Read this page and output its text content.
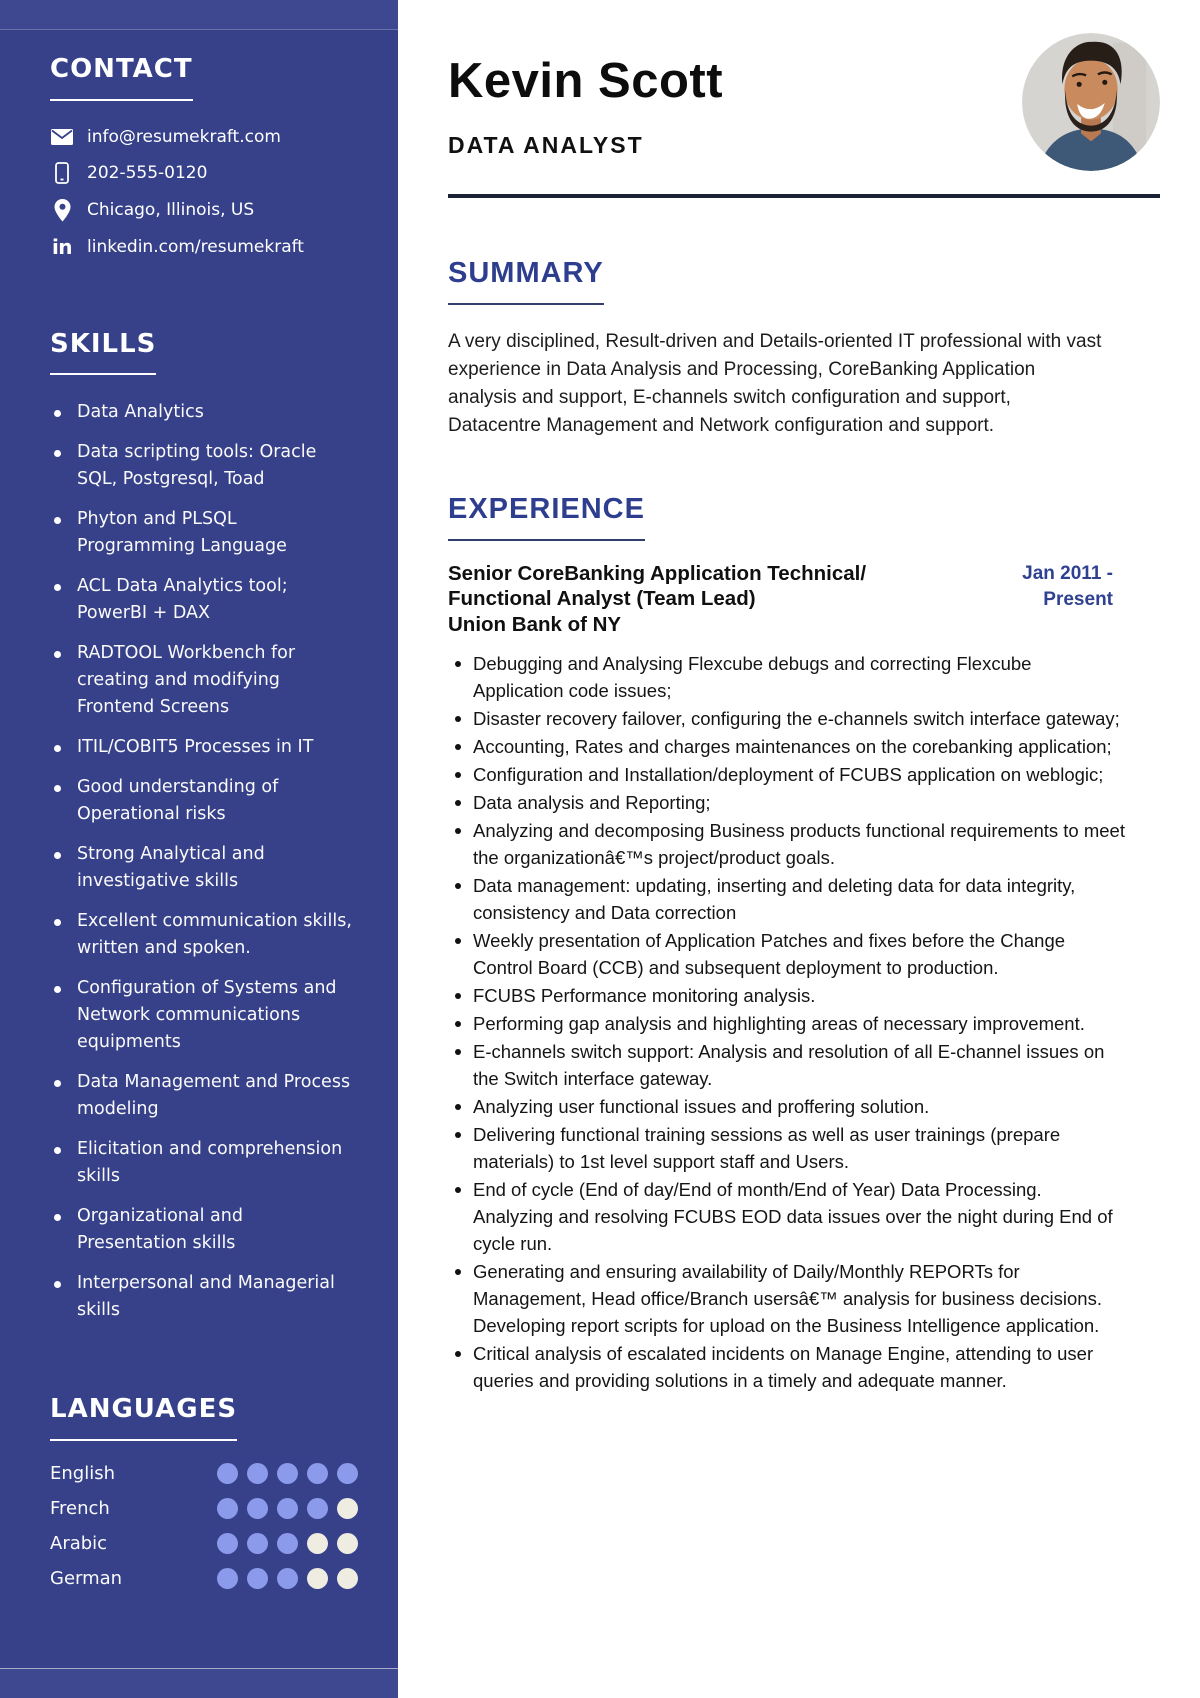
CONTACT
info@resumekraft.com
202-555-0120
Chicago, Illinois, US
in linkedin.com/resumekraft
SKILLS
Data Analytics
Data scripting tools: Oracle SQL, Postgresql, Toad
Phyton and PLSQL Programming Language
ACL Data Analytics tool; PowerBI + DAX
RADTOOL Workbench for creating and modifying Frontend Screens
ITIL/COBIT5 Processes in IT
Good understanding of Operational risks
Strong Analytical and investigative skills
Excellent communication skills, written and spoken.
Configuration of Systems and Network communications equipments
Data Management and Process modeling
Elicitation and comprehension skills
Organizational and Presentation skills
Interpersonal and Managerial skills
LANGUAGES
English
French
Arabic
German
Kevin Scott
DATA ANALYST
SUMMARY

A very disciplined, Result-driven and Details-oriented IT professional with vast experience in Data Analysis and Processing, CoreBanking Application analysis and support, E-channels switch configuration and support, Datacentre Management and Network configuration and support.

EXPERIENCE
Senior CoreBanking Application Technical/ Functional Analyst (Team Lead)
Union Bank of NY
Jan 2011 - Present
Debugging and Analysing Flexcube debugs and correcting Flexcube Application code issues;
Disaster recovery failover, configuring the e-channels switch interface gateway;
Accounting, Rates and charges maintenances on the corebanking application;
Configuration and Installation/deployment of FCUBS application on weblogic;
Data analysis and Reporting;
Analyzing and decomposing Business products functional requirements to meet the organizationâ€™s project/product goals.
Data management: updating, inserting and deleting data for data integrity, consistency and Data correction
Weekly presentation of Application Patches and fixes before the Change Control Board (CCB) and subsequent deployment to production.
FCUBS Performance monitoring analysis.
Performing gap analysis and highlighting areas of necessary improvement.
E-channels switch support: Analysis and resolution of all E-channel issues on the Switch interface gateway.
Analyzing user functional issues and proffering solution.
Delivering functional training sessions as well as user trainings (prepare materials) to 1st level support staff and Users.
End of cycle (End of day/End of month/End of Year) Data Processing. Analyzing and resolving FCUBS EOD data issues over the night during End of cycle run.
Generating and ensuring availability of Daily/Monthly REPORTs for Management, Head office/Branch usersâ€™ analysis for business decisions. Developing report scripts for upload on the Business Intelligence application.
Critical analysis of escalated incidents on Manage Engine, attending to user queries and providing solutions in a timely and adequate manner.
